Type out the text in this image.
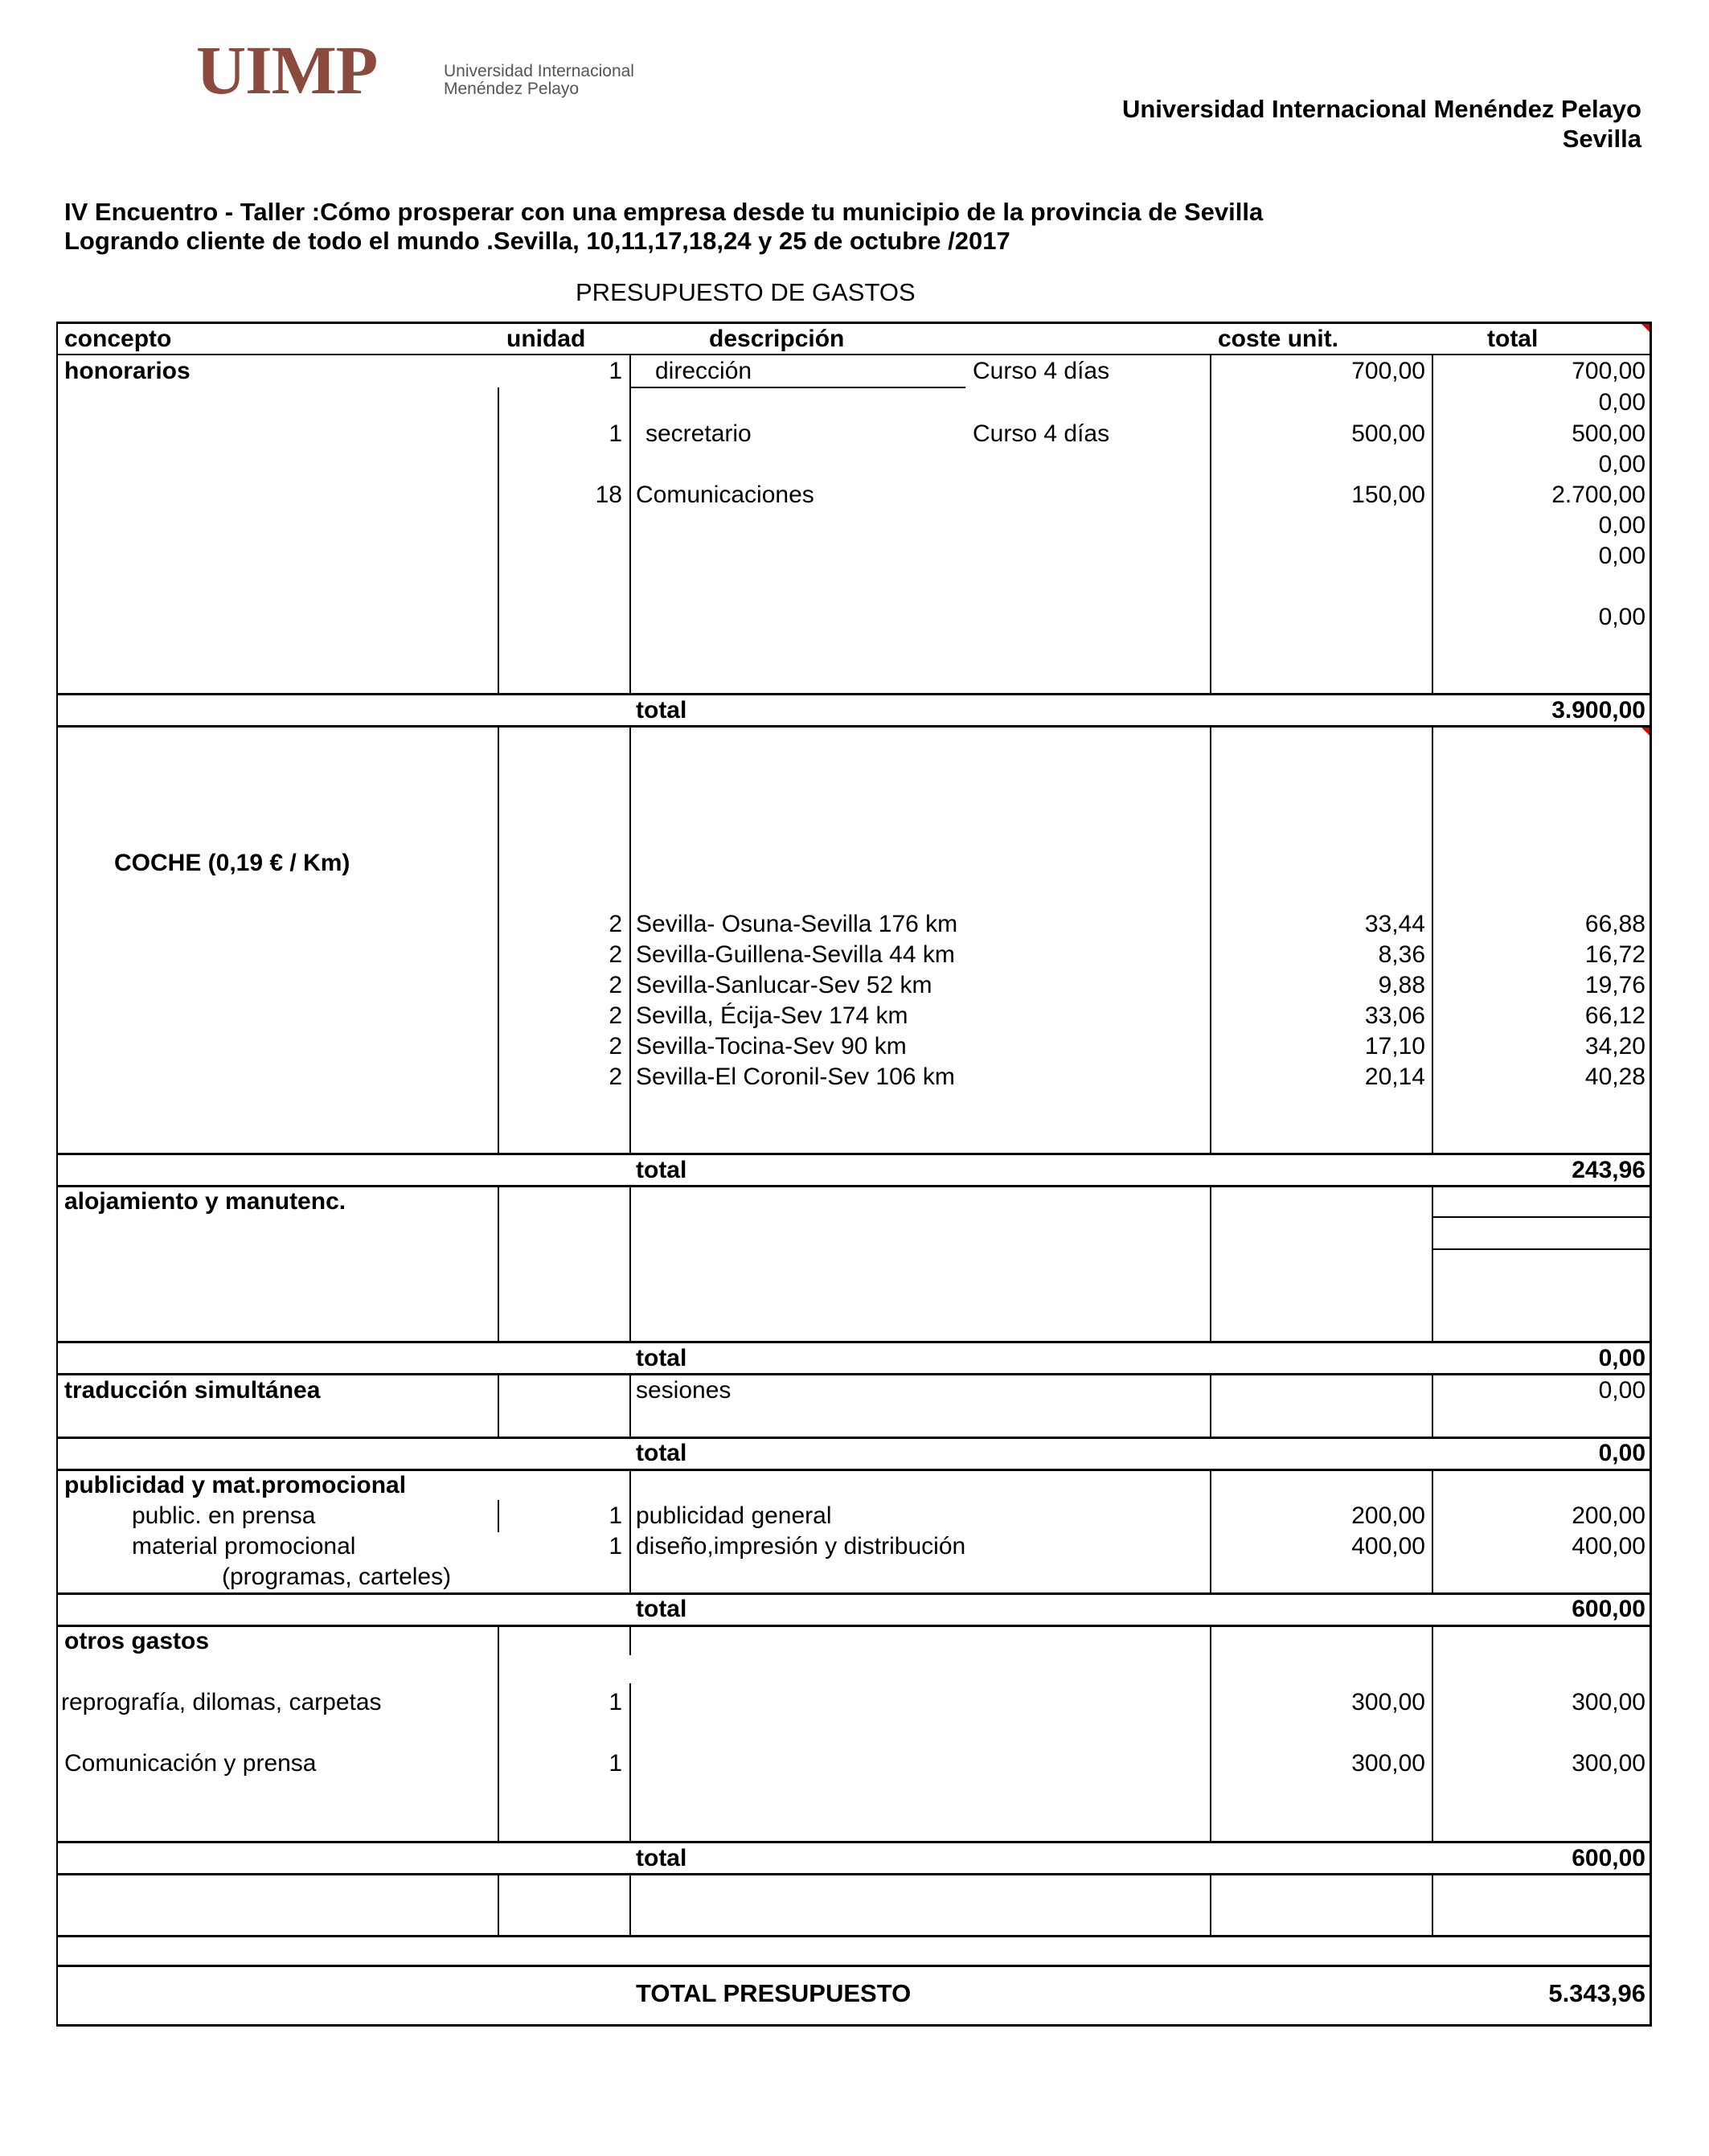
UIMP	Universidad Internacional
Menéndez Pelayo
Universidad Internacional Menéndez Pelayo
Sevilla
IV Encuentro - Taller :Cómo prosperar con una empresa desde tu municipio de la provincia de Sevilla
Logrando cliente de todo el mundo .Sevilla, 10,11,17,18,24 y 25 de octubre /2017
PRESUPUESTO DE GASTOS
concepto	unidad	descripción	coste unit.	total
honorarios	1 dirección	Curso 4 días	700,00	700,00
0,00
1 secretario	Curso 4 días	500,00	500,00
0,00
18 Comunicaciones	150,00	2.700,00
0,00
0,00
0,00
total	3.900,00
COCHE (0,19 € / Km)
2 Sevilla- Osuna-Sevilla 176 km	33,44	66,88
2 Sevilla-Guillena-Sevilla 44 km	8,36	16,72
2 Sevilla-Sanlucar-Sev 52 km	9,88	19,76
2 Sevilla, Écija-Sev 174 km	33,06	66,12
2 Sevilla-Tocina-Sev 90 km	17,10	34,20
2 Sevilla-El Coronil-Sev 106 km	20,14	40,28
total	243,96
alojamiento y manutenc.
total	0,00
traducción simultánea	sesiones	0,00
total	0,00
publicidad y mat.promocional
public. en prensa	1 publicidad general	200,00	200,00
material promocional	1 diseño,impresión y distribución	400,00	400,00
(programas, carteles)
total	600,00
otros gastos
reprografía, dilomas, carpetas	1	300,00	300,00
Comunicación y prensa	1	300,00	300,00
total	600,00
TOTAL PRESUPUESTO	5.343,96
